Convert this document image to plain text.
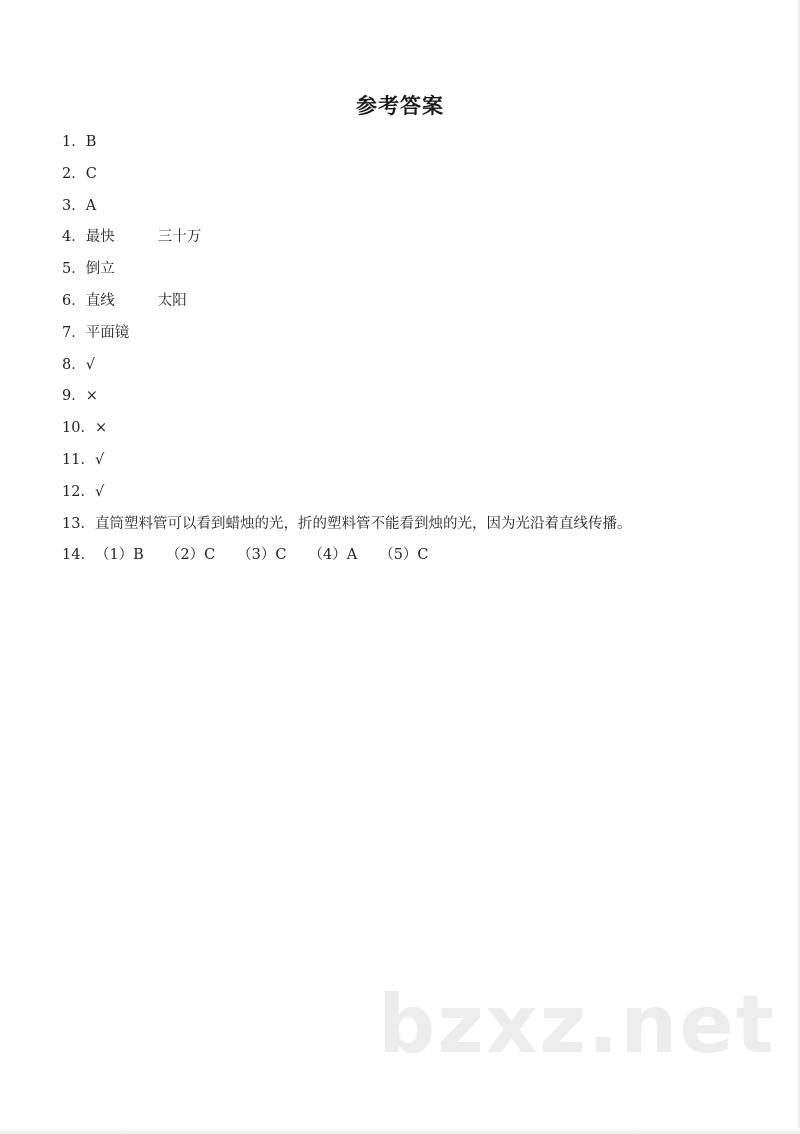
参考答案
1． B
2． C
3． A
4． 最快	三十万
5． 倒立
6． 直线	太阳
7． 平面镜
8． √
9． ×
10． ×
11． √
12． √
13． 直筒塑料管可以看到蜡烛的光，折的塑料管不能看到烛的光，因为光沿着直线传播。
14． （1）B （2）C （3）C （4）A （5）C
bzxz.net
